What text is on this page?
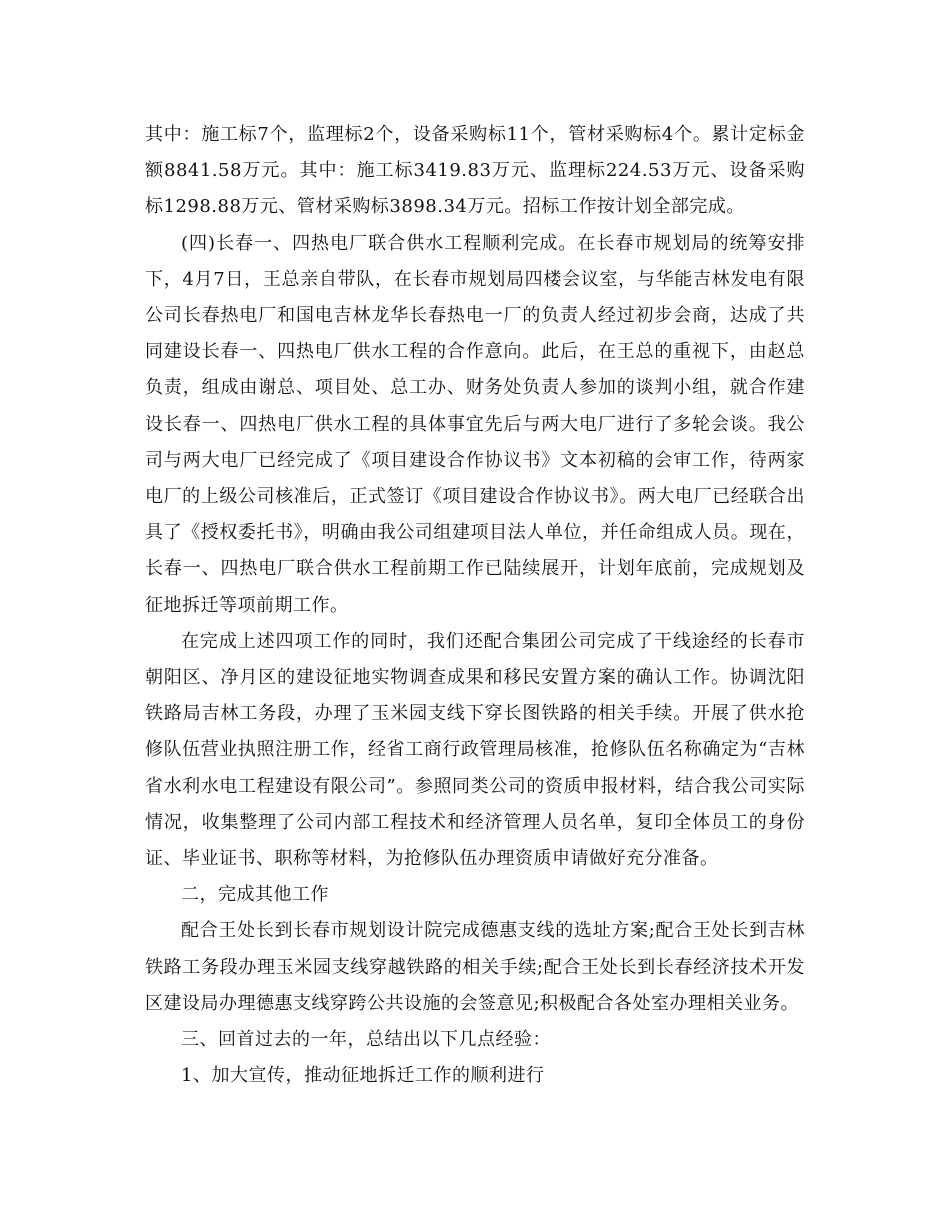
其中：施工标7个，监理标2个，设备采购标11个，管材采购标4个。累计定标金额8841.58万元。其中：施工标3419.83万元、监理标224.53万元、设备采购标1298.88万元、管材采购标3898.34万元。招标工作按计划全部完成。

(四)长春一、四热电厂联合供水工程顺利完成。在长春市规划局的统筹安排下，4月7日，王总亲自带队，在长春市规划局四楼会议室，与华能吉林发电有限公司长春热电厂和国电吉林龙华长春热电一厂的负责人经过初步会商，达成了共同建设长春一、四热电厂供水工程的合作意向。此后，在王总的重视下，由赵总负责，组成由谢总、项目处、总工办、财务处负责人参加的谈判小组，就合作建设长春一、四热电厂供水工程的具体事宜先后与两大电厂进行了多轮会谈。我公司与两大电厂已经完成了《项目建设合作协议书》文本初稿的会审工作，待两家电厂的上级公司核准后，正式签订《项目建设合作协议书》。两大电厂已经联合出具了《授权委托书》，明确由我公司组建项目法人单位，并任命组成人员。现在，长春一、四热电厂联合供水工程前期工作已陆续展开，计划年底前，完成规划及征地拆迁等项前期工作。

在完成上述四项工作的同时，我们还配合集团公司完成了干线途经的长春市朝阳区、净月区的建设征地实物调查成果和移民安置方案的确认工作。协调沈阳铁路局吉林工务段，办理了玉米园支线下穿长图铁路的相关手续。开展了供水抢修队伍营业执照注册工作，经省工商行政管理局核准，抢修队伍名称确定为“吉林省水利水电工程建设有限公司”。参照同类公司的资质申报材料，结合我公司实际情况，收集整理了公司内部工程技术和经济管理人员名单，复印全体员工的身份证、毕业证书、职称等材料，为抢修队伍办理资质申请做好充分准备。

二，完成其他工作

配合王处长到长春市规划设计院完成德惠支线的选址方案;配合王处长到吉林铁路工务段办理玉米园支线穿越铁路的相关手续;配合王处长到长春经济技术开发区建设局办理德惠支线穿跨公共设施的会签意见;积极配合各处室办理相关业务。

三、回首过去的一年，总结出以下几点经验：

1、加大宣传，推动征地拆迁工作的顺利进行
